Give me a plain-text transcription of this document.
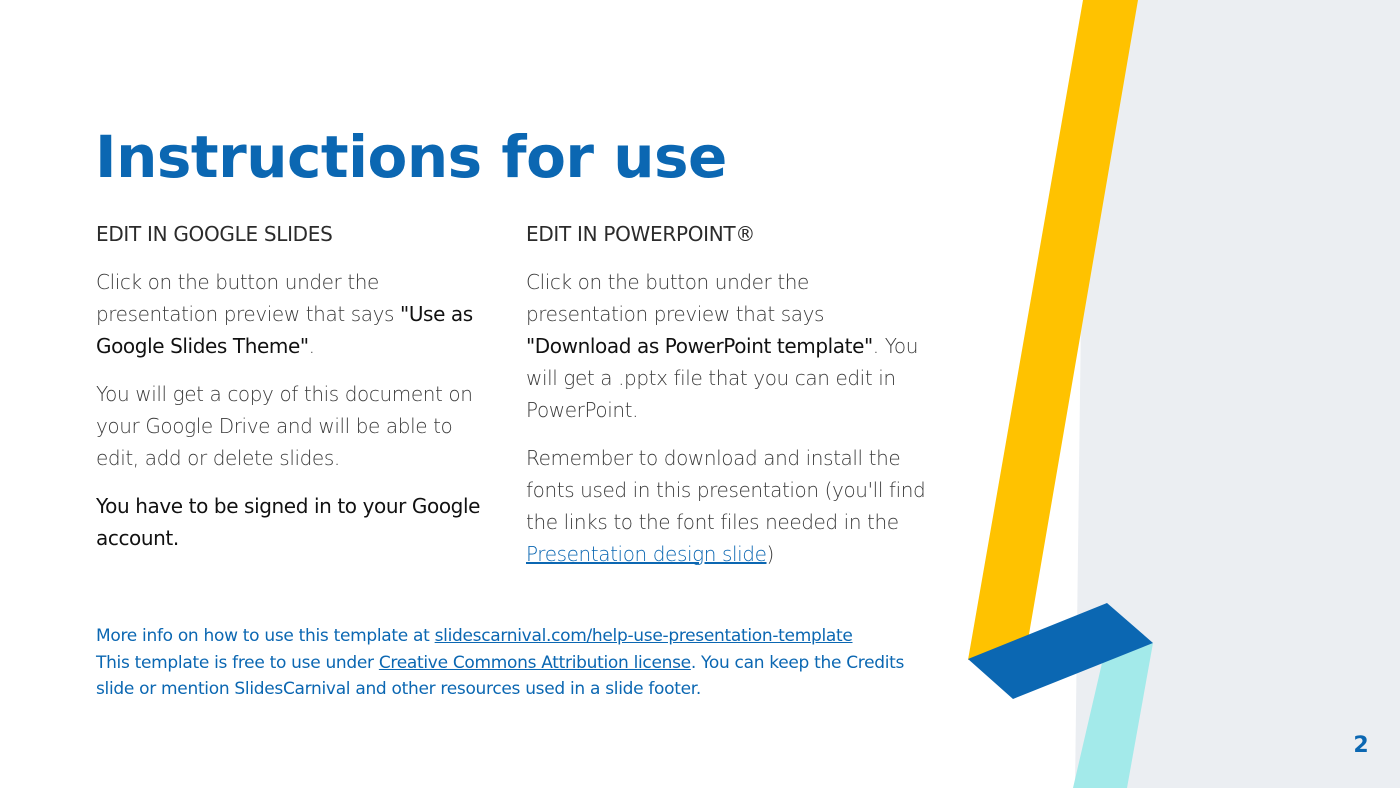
Instructions for use
EDIT IN GOOGLE SLIDES

Click on the button under the presentation preview that says "Use as Google Slides Theme".

You will get a copy of this document on your Google Drive and will be able to edit, add or delete slides.

You have to be signed in to your Google account.

EDIT IN POWERPOINT®

Click on the button under the presentation preview that says "Download as PowerPoint template". You will get a .pptx file that you can edit in PowerPoint.

Remember to download and install the fonts used in this presentation (you'll find the links to the font files needed in the Presentation design slide)

More info on how to use this template at slidescarnival.com/help-use-presentation-template

This template is free to use under Creative Commons Attribution license. You can keep the Credits slide or mention SlidesCarnival and other resources used in a slide footer.

2
